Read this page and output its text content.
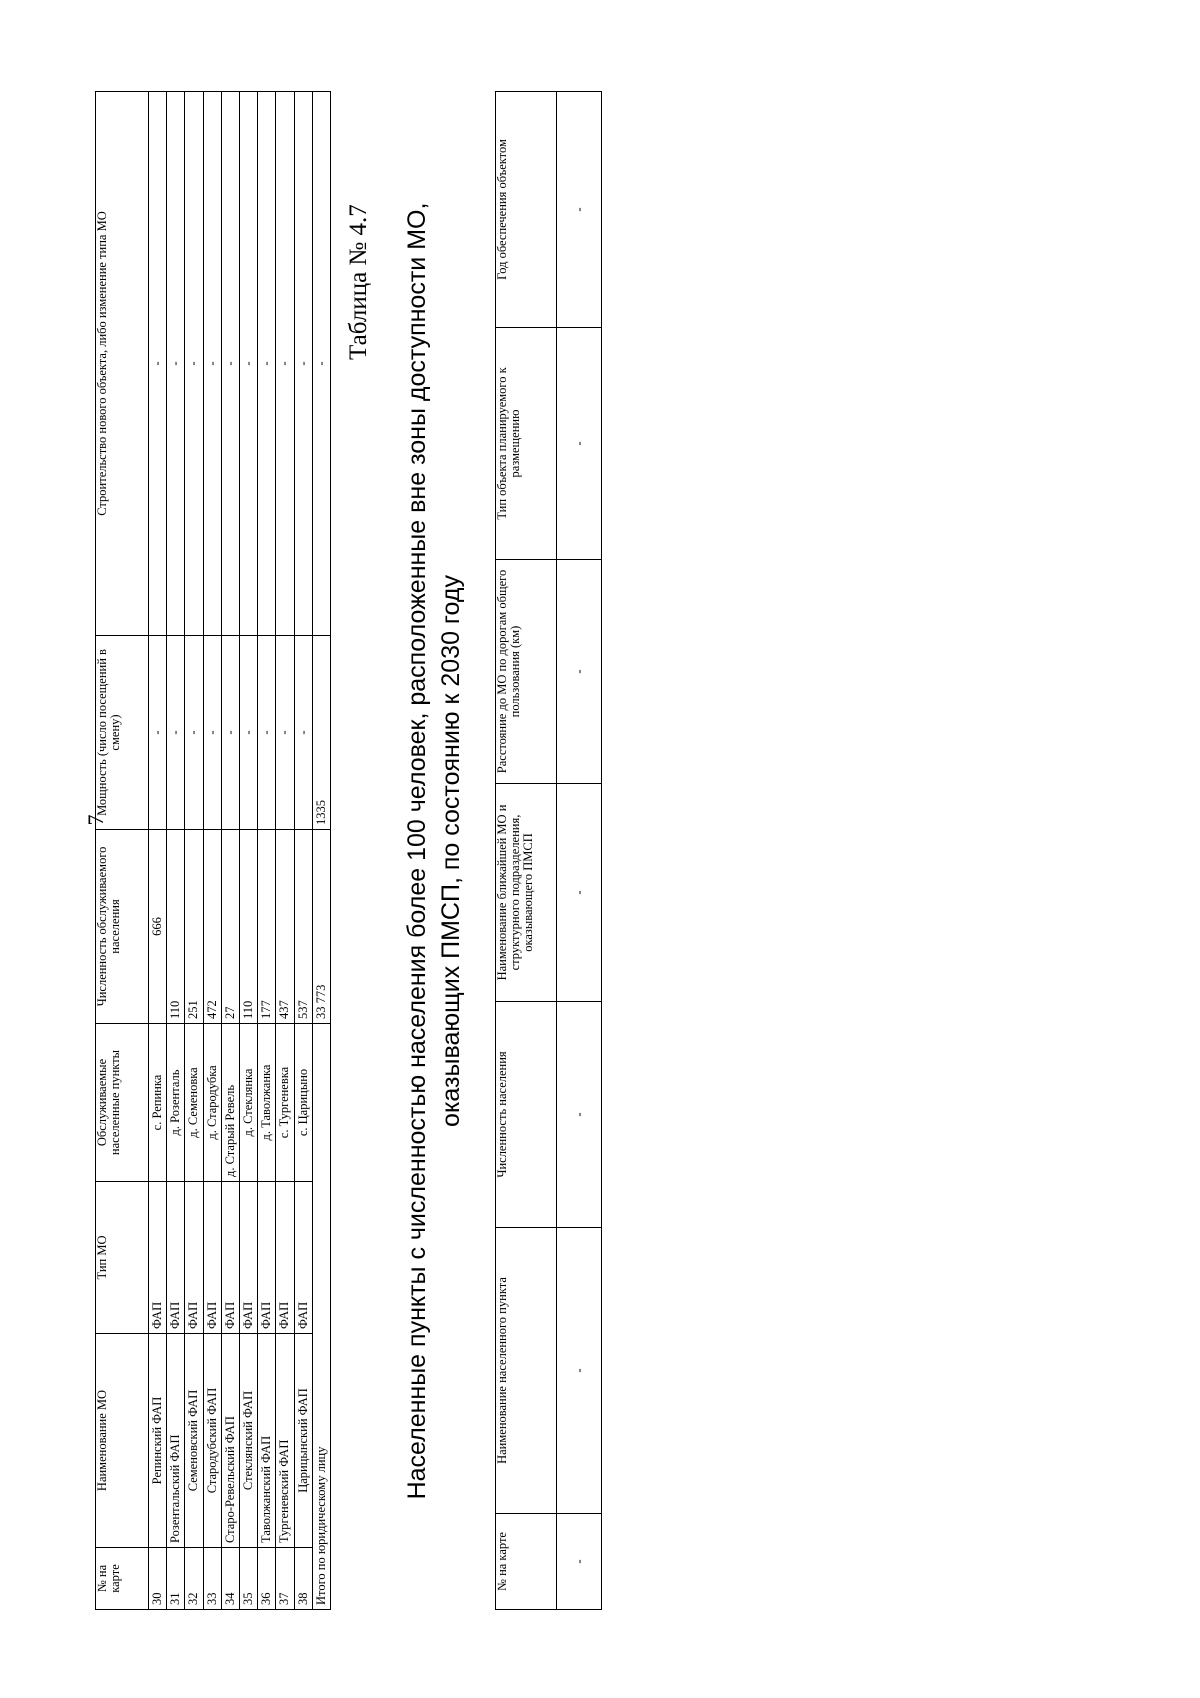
7
№ на карте	Наименование МО	Тип МО	Обслуживаемые населенные пункты	Численность обслуживаемого населения	Мощность (число посещений в смену)	Строительство нового объекта, либо изменение типа МО
30	Репинский ФАП	ФАП	с. Репинка	666	-	-
31	Розентальский ФАП	ФАП	д. Розенталь	110	-	-
32	Семеновский ФАП	ФАП	д. Семеновка	251	-	-
33	Стародубский ФАП	ФАП	д. Стародубка	472	-	-
34	Старо-Ревельский ФАП	ФАП	д. Старый Ревель	27	-	-
35	Стеклянский ФАП	ФАП	д. Стеклянка	110	-	-
36	Таволжанский ФАП	ФАП	д. Таволжанка	177	-	-
37	Тургеневский ФАП	ФАП	с. Тургеневка	437	-	-
38	Царицынский ФАП	ФАП	с. Царицыно	537	-	-
Итого по юридическому лицу				33 773	1335	-
Таблица № 4.7 Населенные пункты с численностью населения более 100 человек, расположенные вне зоны доступности МО, оказывающих ПМСП, по состоянию к 2030 году
№ на карте	Наименование населенного пункта	Численность населения	Наименование ближайшей МО и структурного подразделения, оказывающего ПМСП	Расстояние до МО по дорогам общего пользования (км)	Тип объекта планируемого к размещению	Год обеспечения объектом
-	-	-	-	-	-	-
